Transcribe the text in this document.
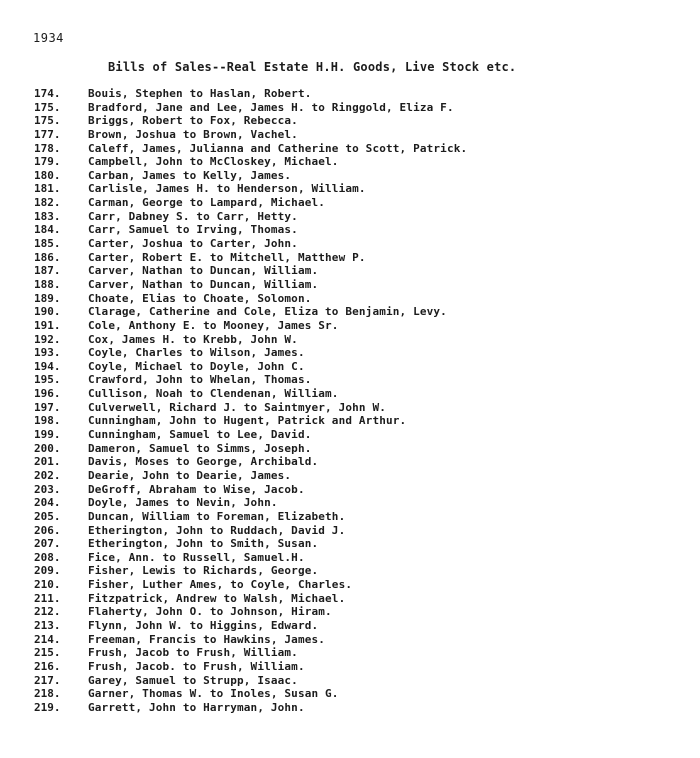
1934
Bills of Sales--Real Estate H.H. Goods, Live Stock etc.
174.	Bouis, Stephen to Haslan, Robert.
175.	Bradford, Jane and Lee, James H. to Ringgold, Eliza F.
175.	Briggs, Robert to Fox, Rebecca.
177.	Brown, Joshua to Brown, Vachel.
178.	Caleff, James, Julianna and Catherine to Scott, Patrick.
179.	Campbell, John to McCloskey, Michael.
180.	Carban, James to Kelly, James.
181.	Carlisle, James H. to Henderson, William.
182.	Carman, George to Lampard, Michael.
183.	Carr, Dabney S. to Carr, Hetty.
184.	Carr, Samuel to Irving, Thomas.
185.	Carter, Joshua to Carter, John.
186.	Carter, Robert E. to Mitchell, Matthew P.
187.	Carver, Nathan to Duncan, William.
188.	Carver, Nathan to Duncan, William.
189.	Choate, Elias to Choate, Solomon.
190.	Clarage, Catherine and Cole, Eliza to Benjamin, Levy.
191.	Cole, Anthony E. to Mooney, James Sr.
192.	Cox, James H. to Krebb, John W.
193.	Coyle, Charles to Wilson, James.
194.	Coyle, Michael to Doyle, John C.
195.	Crawford, John to Whelan, Thomas.
196.	Cullison, Noah to Clendenan, William.
197.	Culverwell, Richard J. to Saintmyer, John W.
198.	Cunningham, John to Hugent, Patrick and Arthur.
199.	Cunningham, Samuel to Lee, David.
200.	Dameron, Samuel to Simms, Joseph.
201.	Davis, Moses to George, Archibald.
202.	Dearie, John to Dearie, James.
203.	DeGroff, Abraham to Wise, Jacob.
204.	Doyle, James to Nevin, John.
205.	Duncan, William to Foreman, Elizabeth.
206.	Etherington, John to Ruddach, David J.
207.	Etherington, John to Smith, Susan.
208.	Fice, Ann. to Russell, Samuel.H.
209.	Fisher, Lewis to Richards, George.
210.	Fisher, Luther Ames, to Coyle, Charles.
211.	Fitzpatrick, Andrew to Walsh, Michael.
212.	Flaherty, John O. to Johnson, Hiram.
213.	Flynn, John W. to Higgins, Edward.
214.	Freeman, Francis to Hawkins, James.
215.	Frush, Jacob to Frush, William.
216.	Frush, Jacob. to Frush, William.
217.	Garey, Samuel to Strupp, Isaac.
218.	Garner, Thomas W. to Inoles, Susan G.
219.	Garrett, John to Harryman, John.
